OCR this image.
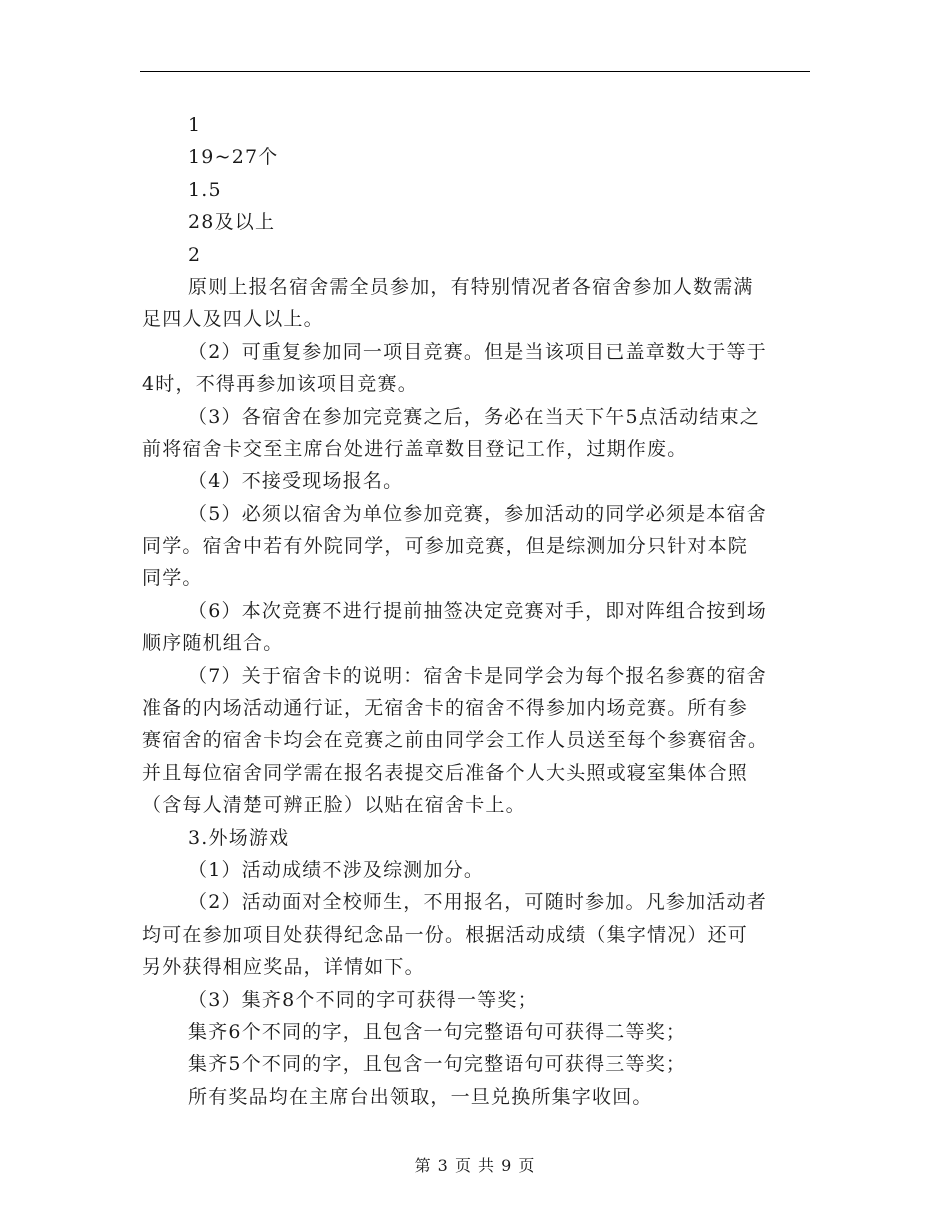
1
19~27个
1.5
28及以上
2
原则上报名宿舍需全员参加，有特别情况者各宿舍参加人数需满
足四人及四人以上。
（2）可重复参加同一项目竞赛。但是当该项目已盖章数大于等于
4时，不得再参加该项目竞赛。
（3）各宿舍在参加完竞赛之后，务必在当天下午5点活动结束之
前将宿舍卡交至主席台处进行盖章数目登记工作，过期作废。
（4）不接受现场报名。
（5）必须以宿舍为单位参加竞赛，参加活动的同学必须是本宿舍
同学。宿舍中若有外院同学，可参加竞赛，但是综测加分只针对本院
同学。
（6）本次竞赛不进行提前抽签决定竞赛对手，即对阵组合按到场
顺序随机组合。
（7）关于宿舍卡的说明：宿舍卡是同学会为每个报名参赛的宿舍
准备的内场活动通行证，无宿舍卡的宿舍不得参加内场竞赛。所有参
赛宿舍的宿舍卡均会在竞赛之前由同学会工作人员送至每个参赛宿舍。
并且每位宿舍同学需在报名表提交后准备个人大头照或寝室集体合照
（含每人清楚可辨正脸）以贴在宿舍卡上。
3.外场游戏
（1）活动成绩不涉及综测加分。
（2）活动面对全校师生，不用报名，可随时参加。凡参加活动者
均可在参加项目处获得纪念品一份。根据活动成绩（集字情况）还可
另外获得相应奖品，详情如下。
（3）集齐8个不同的字可获得一等奖；
集齐6个不同的字，且包含一句完整语句可获得二等奖；
集齐5个不同的字，且包含一句完整语句可获得三等奖；
所有奖品均在主席台出领取，一旦兑换所集字收回。
第 3 页 共 9 页
